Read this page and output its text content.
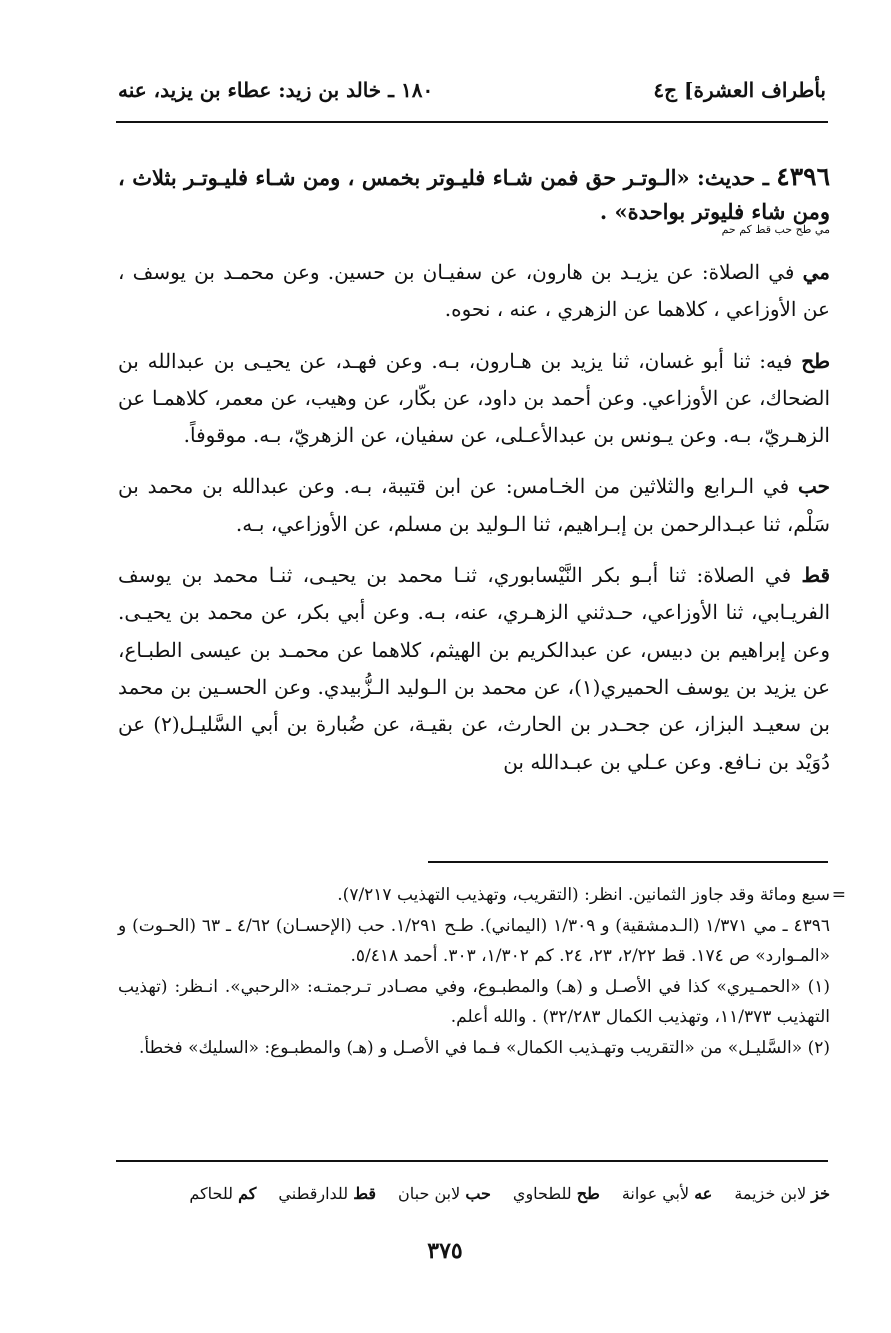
بأطراف العشرة] ج٤
١٨٠ ـ خالد بن زيد: عطاء بن يزيد، عنه
٤٣٩٦ ـ حديث: «الـوتـر حق فمن شـاء فليـوتر بخمس ، ومن شـاء فليـوتـر بثلاث ، ومن شاء فليوتر بواحدة» .
مي طح حب قط كم حم
مي في الصلاة: عن يزيـد بن هارون، عن سفيـان بن حسين. وعن محمـد بن يوسف ، عن الأوزاعي ، كلاهما عن الزهري ، عنه ، نحوه.
طح فيه: ثنا أبو غسان، ثنا يزيد بن هـارون، بـه. وعن فهـد، عن يحيـى بن عبدالله بن الضحاك، عن الأوزاعي. وعن أحمد بن داود، عن بكّار، عن وهيب، عن معمر، كلاهمـا عن الزهـريّ، بـه. وعن يـونس بن عبدالأعـلى، عن سفيان، عن الزهريّ، بـه. موقوفاً.
حب في الـرابع والثلاثين من الخـامس: عن ابن قتيبة، بـه. وعن عبدالله بن محمد بن سَلْم، ثنا عبـدالرحمن بن إبـراهيم، ثنا الـوليد بن مسلم، عن الأوزاعي، بـه.
قط في الصلاة: ثنا أبـو بكر النَّيْسابوري، ثنـا محمد بن يحيـى، ثنـا محمد بن يوسف الفريـابي، ثنا الأوزاعي، حـدثني الزهـري، عنه، بـه. وعن أبي بكر، عن محمد بن يحيـى. وعن إبراهيم بن دبيس، عن عبدالكريم بن الهيثم، كلاهما عن محمـد بن عيسى الطبـاع، عن يزيد بن يوسف الحميري(١)، عن محمد بن الـوليد الـزُّبيدي. وعن الحسـين بن محمد بن سعيـد البزاز، عن جحـدر بن الحارث، عن بقيـة، عن ضُبارة بن أبي السَّليـل(٢) عن دُوَيْد بن نـافع. وعن عـلي بن عبـدالله بن
=
سبع ومائة وقد جاوز الثمانين. انظر: (التقريب، وتهذيب التهذيب ٧/٢١٧).
٤٣٩٦ ـ مي ١/٣٧١ (الـدمشقية) و ١/٣٠٩ (اليماني). طـح ١/٢٩١. حب (الإحسـان) ٤/٦٢ ـ ٦٣ (الحـوت) و «المـوارد» ص ١٧٤. قط ٢/٢٢، ٢٣، ٢٤. كم ١/٣٠٢، ٣٠٣. أحمد ٥/٤١٨.
(١) «الحمـيري» كذا في الأصـل و (هـ) والمطبـوع، وفي مصـادر تـرجمتـه: «الرحبي». انـظر: (تهذيب التهذيب ١١/٣٧٣، وتهذيب الكمال ٣٢/٢٨٣) . والله أعلم.
(٢) «السَّليـل» من «التقريب وتهـذيب الكمال» فـما في الأصـل و (هـ) والمطبـوع: «السليك» فخطأ.
خز لابن خزيمة
عه لأبي عوانة
طح للطحاوي
حب لابن حبان
قط للدارقطني
كم للحاكم
٣٧٥
